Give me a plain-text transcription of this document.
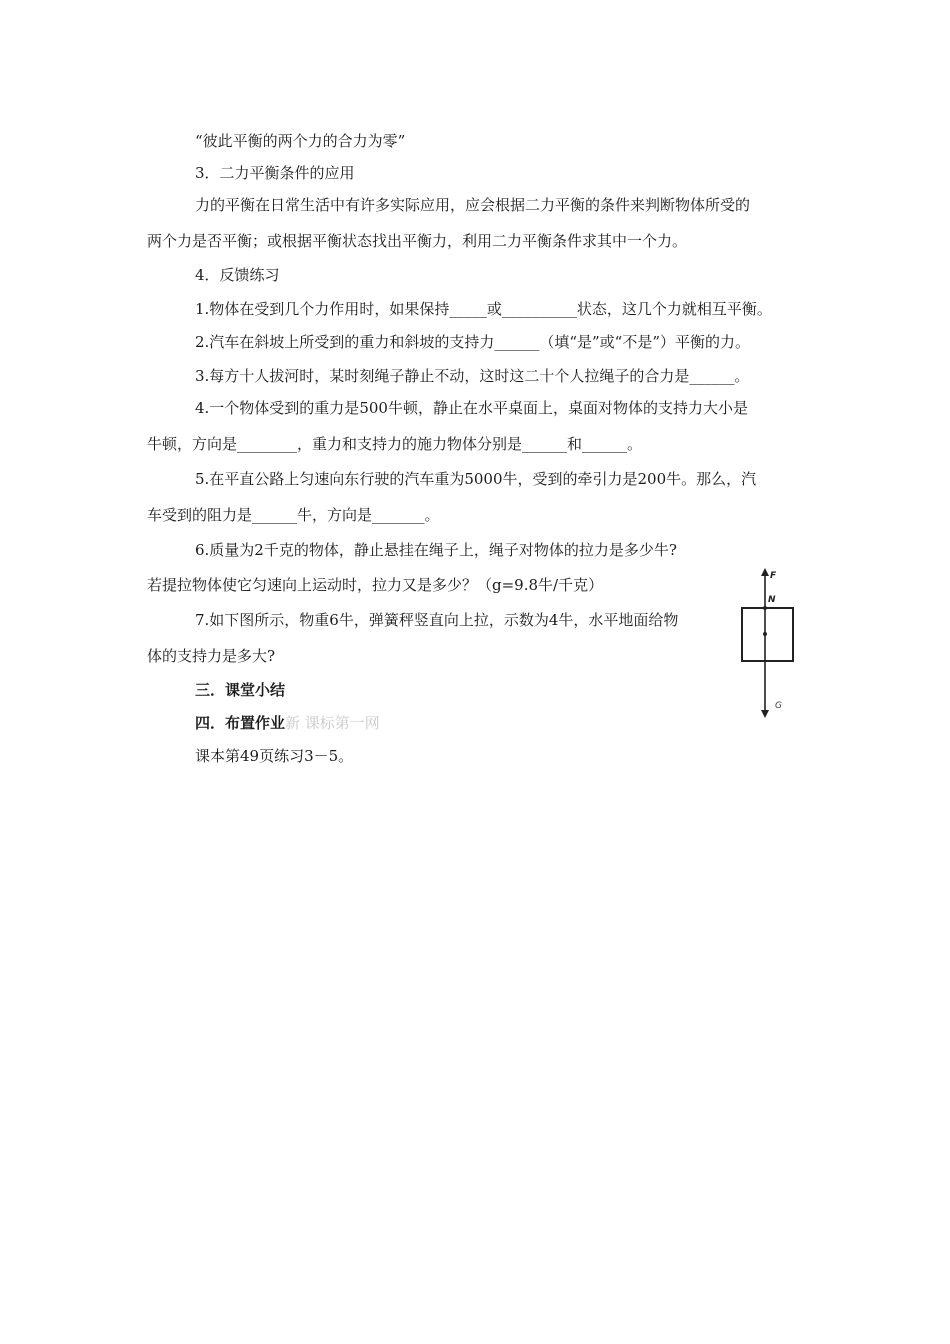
“彼此平衡的两个力的合力为零”
3．二力平衡条件的应用
力的平衡在日常生活中有许多实际应用，应会根据二力平衡的条件来判断物体所受的
两个力是否平衡；或根据平衡状态找出平衡力，利用二力平衡条件求其中一个力。
4．反馈练习
1.物体在受到几个力作用时，如果保持_____或__________状态，这几个力就相互平衡。
2.汽车在斜坡上所受到的重力和斜坡的支持力______（填“是”或“不是”）平衡的力。
3.每方十人拔河时，某时刻绳子静止不动，这时这二十个人拉绳子的合力是______。
4.一个物体受到的重力是500牛顿，静止在水平桌面上，桌面对物体的支持力大小是
牛顿，方向是________，重力和支持力的施力物体分别是______和______。
5.在平直公路上匀速向东行驶的汽车重为5000牛，受到的牵引力是200牛。那么，汽
车受到的阻力是______牛，方向是_______。
6.质量为2千克的物体，静止悬挂在绳子上，绳子对物体的拉力是多少牛?
若提拉物体使它匀速向上运动时，拉力又是多少？（g=9.8牛/千克）
7.如下图所示，物重6牛，弹簧秤竖直向上拉，示数为4牛，水平地面给物
体的支持力是多大?
三．课堂小结
四．布置作业新 课标第一网
课本第49页练习3－5。
F
N
G
